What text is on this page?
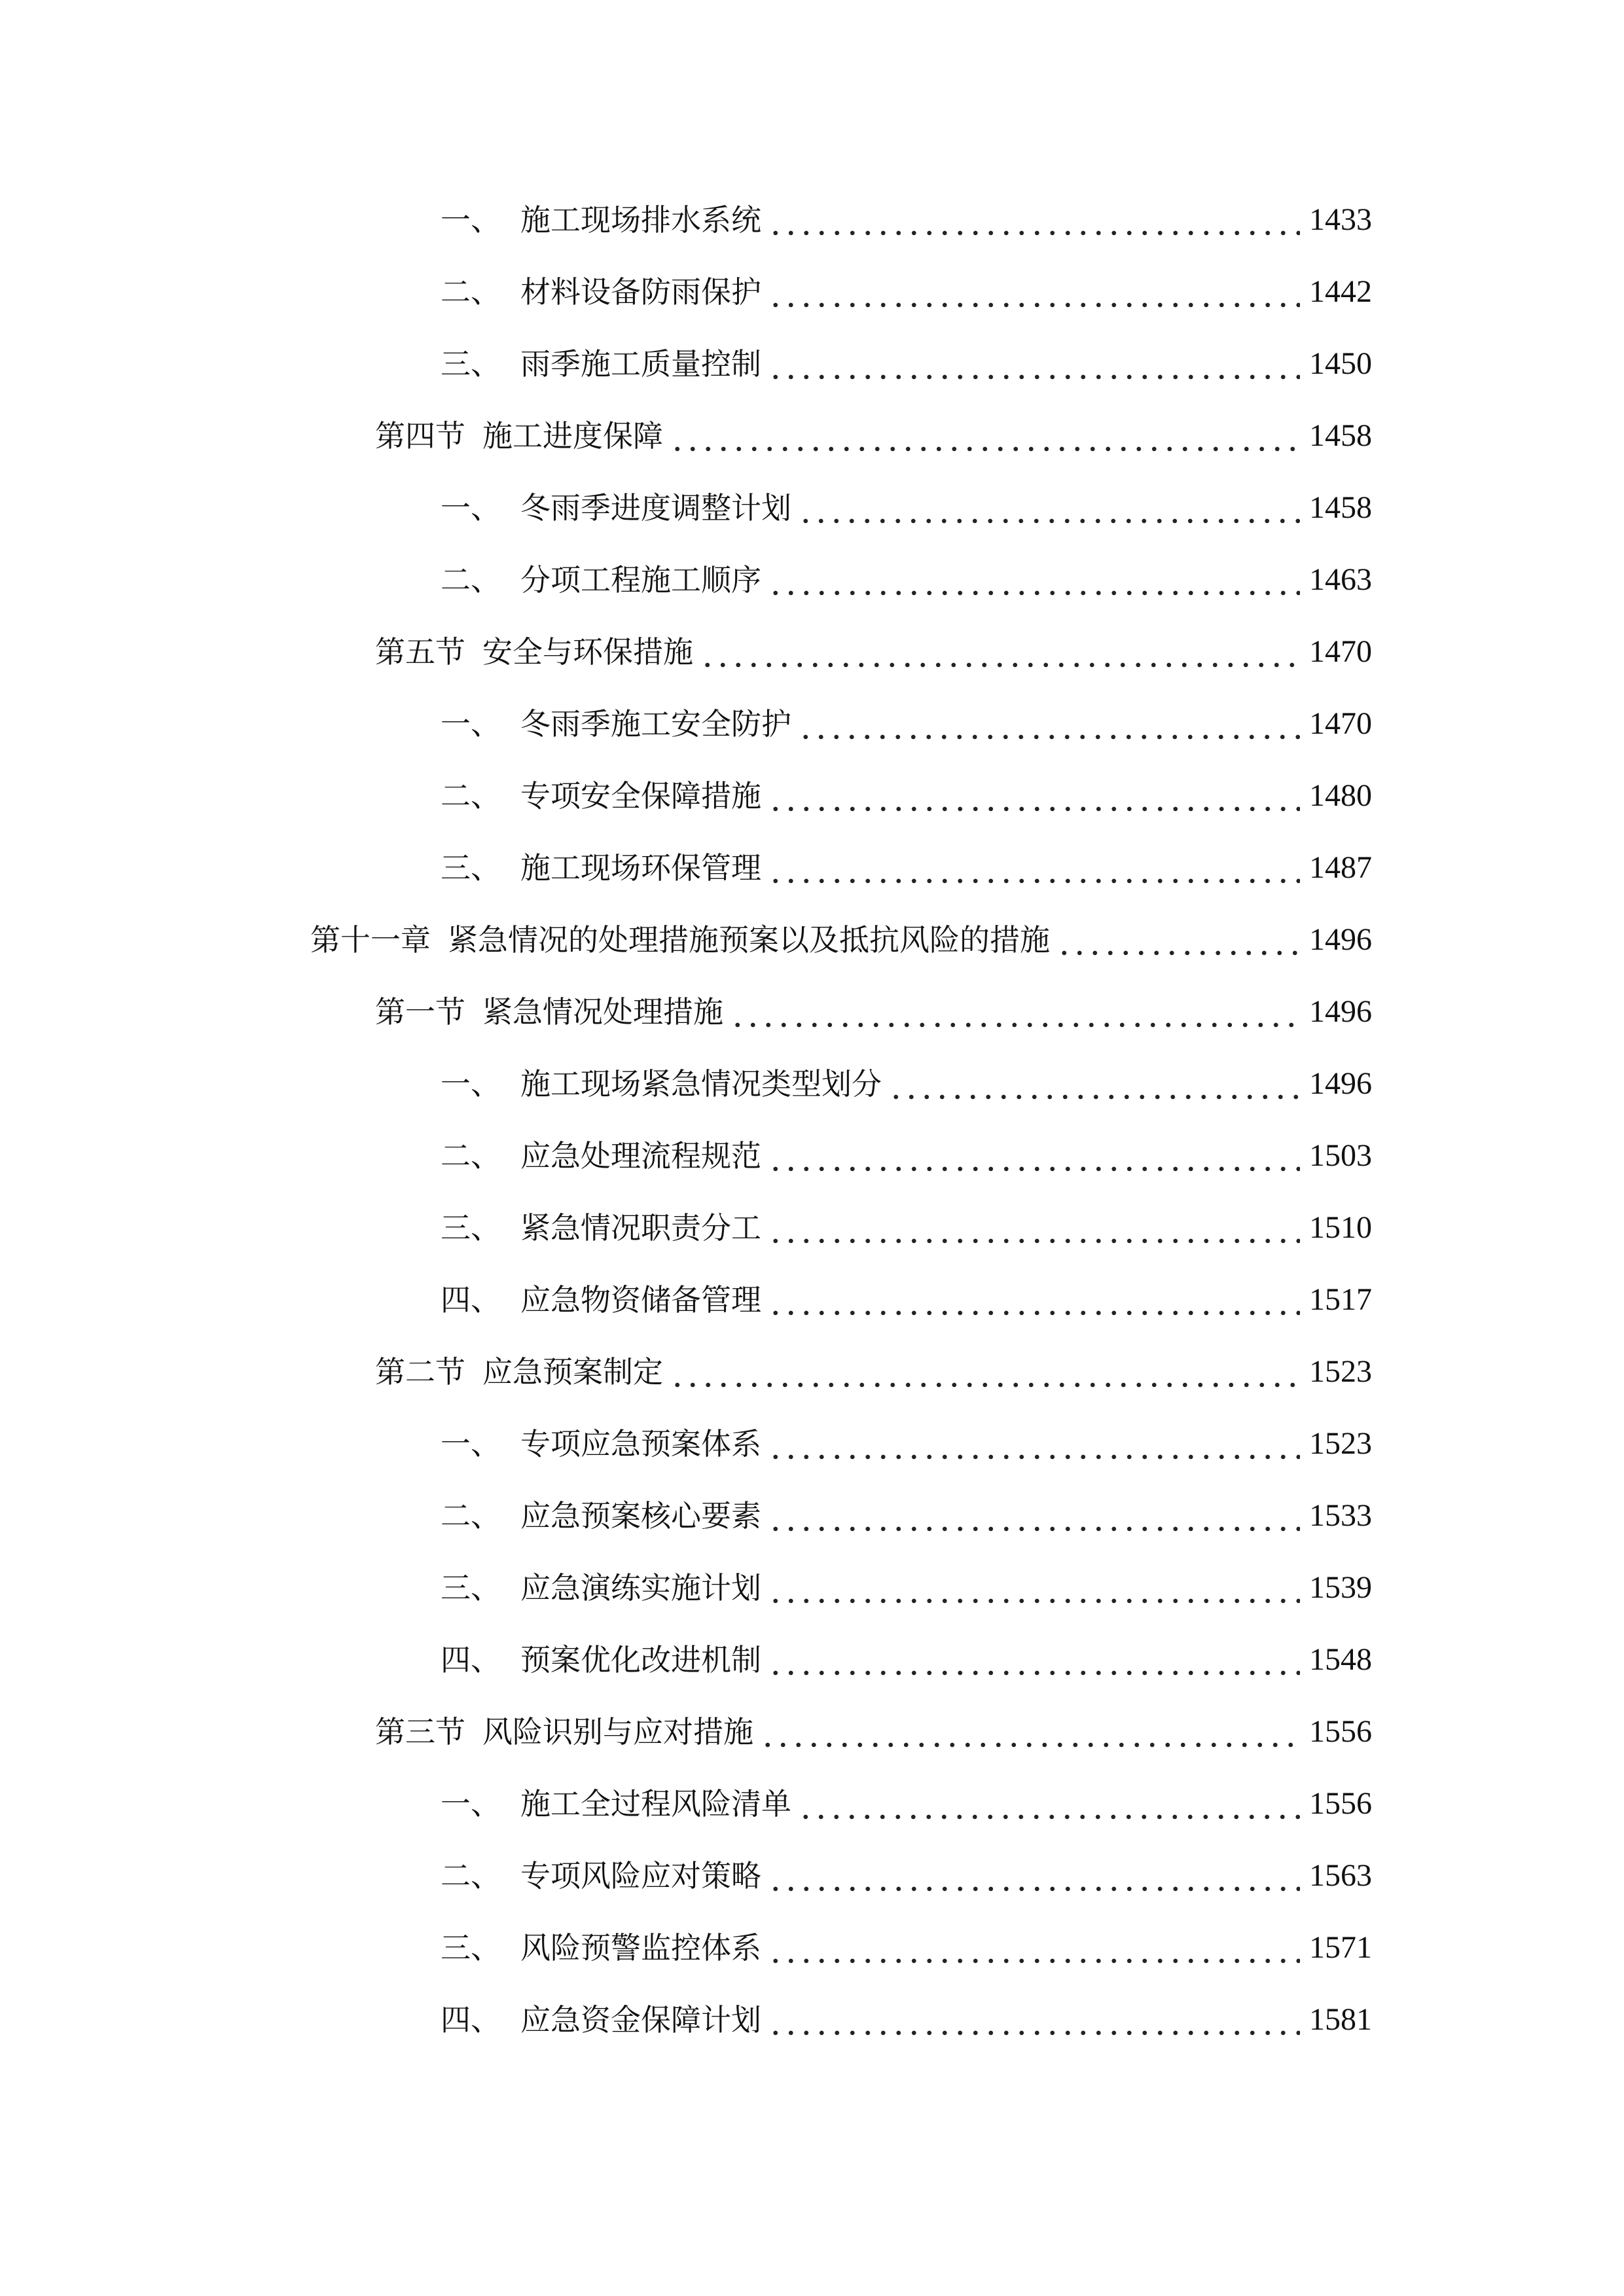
一、 施工现场排水系统	1433
二、 材料设备防雨保护	1442
三、 雨季施工质量控制	1450
第四节 施工进度保障	1458
一、 冬雨季进度调整计划	1458
二、 分项工程施工顺序	1463
第五节 安全与环保措施	1470
一、 冬雨季施工安全防护	1470
二、 专项安全保障措施	1480
三、 施工现场环保管理	1487
第十一章 紧急情况的处理措施预案以及抵抗风险的措施	1496
第一节 紧急情况处理措施	1496
一、 施工现场紧急情况类型划分	1496
二、 应急处理流程规范	1503
三、 紧急情况职责分工	1510
四、 应急物资储备管理	1517
第二节 应急预案制定	1523
一、 专项应急预案体系	1523
二、 应急预案核心要素	1533
三、 应急演练实施计划	1539
四、 预案优化改进机制	1548
第三节 风险识别与应对措施	1556
一、 施工全过程风险清单	1556
二、 专项风险应对策略	1563
三、 风险预警监控体系	1571
四、 应急资金保障计划	1581
